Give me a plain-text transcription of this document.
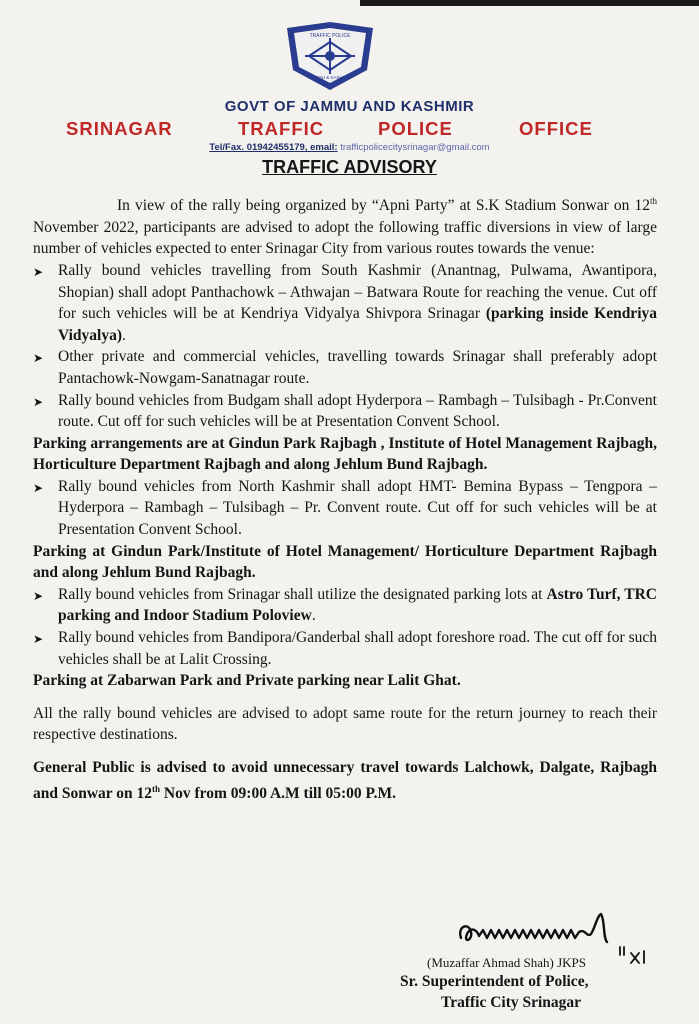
TRAFFIC POLICE
JAMMU & KASHMIR
GOVT OF JAMMU AND KASHMIR
SRINAGAR	TRAFFIC	POLICE	OFFICE
Tel/Fax. 01942455179, email: trafficpolicecitysrinagar@gmail.com
TRAFFIC ADVISORY

In view of the rally being organized by “Apni Party” at S.K Stadium Sonwar on 12th November 2022, participants are advised to adopt the following traffic diversions in view of large number of vehicles expected to enter Srinagar City from various routes towards the venue:

➤ Rally bound vehicles travelling from South Kashmir (Anantnag, Pulwama, Awantipora, Shopian) shall adopt Panthachowk – Athwajan – Batwara Route for reaching the venue. Cut off for such vehicles will be at Kendriya Vidyalya Shivpora Srinagar (parking inside Kendriya Vidyalya).
➤ Other private and commercial vehicles, travelling towards Srinagar shall preferably adopt Pantachowk-Nowgam-Sanatnagar route.
➤ Rally bound vehicles from Budgam shall adopt Hyderpora – Rambagh – Tulsibagh - Pr.Convent route. Cut off for such vehicles will be at Presentation Convent School.

Parking arrangements are at Gindun Park Rajbagh , Institute of Hotel Management Rajbagh, Horticulture Department Rajbagh and along Jehlum Bund Rajbagh.

➤ Rally bound vehicles from North Kashmir shall adopt HMT- Bemina Bypass – Tengpora – Hyderpora – Rambagh – Tulsibagh – Pr. Convent route. Cut off for such vehicles will be at Presentation Convent School.

Parking at Gindun Park/Institute of Hotel Management/ Horticulture Department Rajbagh and along Jehlum Bund Rajbagh.

➤ Rally bound vehicles from Srinagar shall utilize the designated parking lots at Astro Turf, TRC parking and Indoor Stadium Poloview.
➤ Rally bound vehicles from Bandipora/Ganderbal shall adopt foreshore road. The cut off for such vehicles shall be at Lalit Crossing.

Parking at Zabarwan Park and Private parking near Lalit Ghat.

All the rally bound vehicles are advised to adopt same route for the return journey to reach their respective destinations.

General Public is advised to avoid unnecessary travel towards Lalchowk, Dalgate, Rajbagh and Sonwar on 12th Nov from 09:00 A.M till 05:00 P.M.

(Muzaffar Ahmad Shah) JKPS
Sr. Superintendent of Police,
Traffic City Srinagar
